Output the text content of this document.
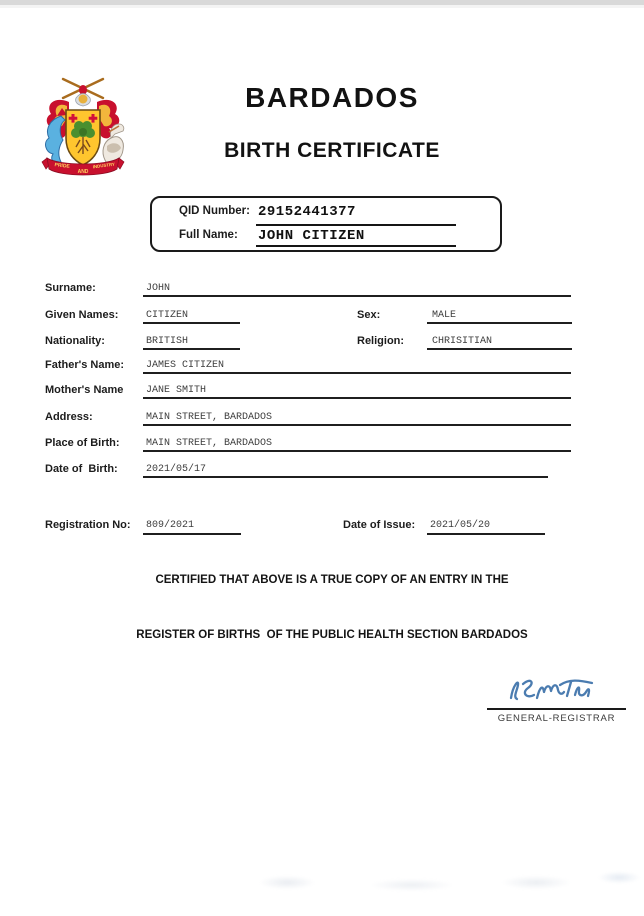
PRIDE
AND
INDUSTRY
BARDADOS
BIRTH CERTIFICATE
QID Number: 29152441377
Full Name: JOHN CITIZEN
Surname:	JOHN
Given Names:	CITIZEN	Sex:	MALE
Nationality:	BRITISH	Religion:	CHRISITIAN
Father's Name: JAMES CITIZEN
Mother's Name JANE SMITH
Address:	MAIN STREET, BARDADOS
Place of Birth:	MAIN STREET, BARDADOS
Date of  Birth:	2021/05/17
Registration No: 809/2021	Date of Issue: 2021/05/20
CERTIFIED THAT ABOVE IS A TRUE COPY OF AN ENTRY IN THE
REGISTER OF BIRTHS  OF THE PUBLIC HEALTH SECTION BARDADOS
GENERAL-REGISTRAR
